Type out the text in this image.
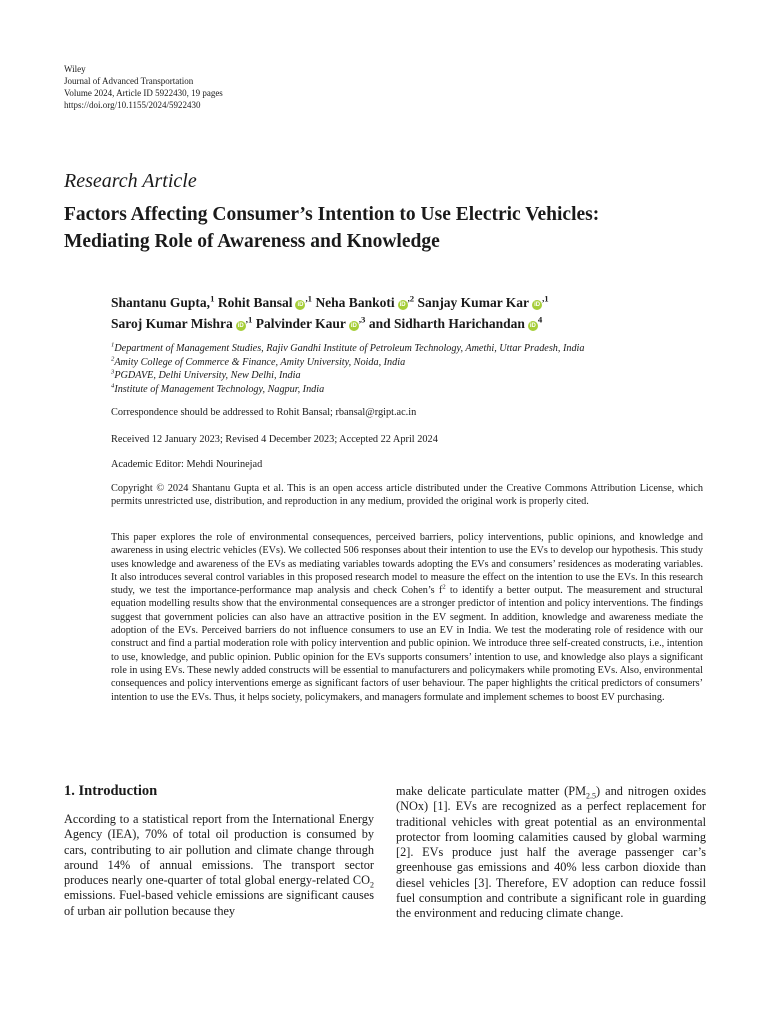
Wiley
Journal of Advanced Transportation
Volume 2024, Article ID 5922430, 19 pages
https://doi.org/10.1155/2024/5922430
Research Article
Factors Affecting Consumer’s Intention to Use Electric Vehicles:
Mediating Role of Awareness and Knowledge
Shantanu Gupta,$^1$ Rohit Bansal $iD^{,1}$ Neha Bankoti $iD^{,2}$ Sanjay Kumar Kar $iD^{,1}$
Saroj Kumar Mishra $iD^{,1}$ Palvinder Kaur $iD^{,3}$ and Sidharth Harichandan $iD^4$
$^1$Department of Management Studies, Rajiv Gandhi Institute of Petroleum Technology, Amethi, Uttar Pradesh, India
$^2$Amity College of Commerce & Finance, Amity University, Noida, India
$^3$PGDAVE, Delhi University, New Delhi, India
$^4$Institute of Management Technology, Nagpur, India
Correspondence should be addressed to Rohit Bansal; rbansal@rgipt.ac.in
Received 12 January 2023; Revised 4 December 2023; Accepted 22 April 2024
Academic Editor: Mehdi Nourinejad
Copyright © 2024 Shantanu Gupta et al. This is an open access article distributed under the Creative Commons Attribution License, which permits unrestricted use, distribution, and reproduction in any medium, provided the original work is properly cited.
This paper explores the role of environmental consequences, perceived barriers, policy interventions, public opinions, and knowledge and awareness in using electric vehicles (EVs). We collected 506 responses about their intention to use the EVs to develop our hypothesis. This study uses knowledge and awareness of the EVs as mediating variables towards adopting the EVs and consumers’ residences as moderating variables. It also introduces several control variables in this proposed research model to measure the effect on the intention to use the EVs. In this research study, we test the importance-performance map analysis and check Cohen’s $f^2$ to identify a better output. The measurement and structural equation modelling results show that the environmental consequences are a stronger predictor of intention and policy interventions. The findings suggest that government policies can also have an attractive position in the EV segment. In addition, knowledge and awareness mediate the adoption of the EVs. Perceived barriers do not influence consumers to use an EV in India. We test the moderating role of residence with our construct and find a partial moderation role with policy intervention and public opinion. We introduce three self-created constructs, i.e., intention to use, knowledge, and public opinion. Public opinion for the EVs supports consumers’ intention to use, and knowledge also plays a significant role in using EVs. These newly added constructs will be essential to manufacturers and policymakers while promoting EVs. Also, environmental consequences and policy interventions emerge as significant factors of user behaviour. The paper highlights the critical predictors of consumers’ intention to use the EVs. Thus, it helps society, policymakers, and managers formulate and implement schemes to boost EV purchasing.
1. Introduction
According to a statistical report from the International Energy Agency (IEA), 70% of total oil production is consumed by cars, contributing to air pollution and climate change through around 14% of annual emissions. The transport sector produces nearly one-quarter of total global energy-related $CO_2$ emissions. Fuel-based vehicle emissions are significant causes of urban air pollution because they
make delicate particulate matter $(PM_{2.5})$ and nitrogen oxides (NOx) [1]. EVs are recognized as a perfect replacement for traditional vehicles with great potential as an environmental protector from looming calamities caused by global warming [2]. EVs produce just half the average passenger car’s greenhouse gas emissions and 40% less carbon dioxide than diesel vehicles [3]. Therefore, EV adoption can reduce fossil fuel consumption and contribute a significant role in guarding the environment and reducing climate change.
